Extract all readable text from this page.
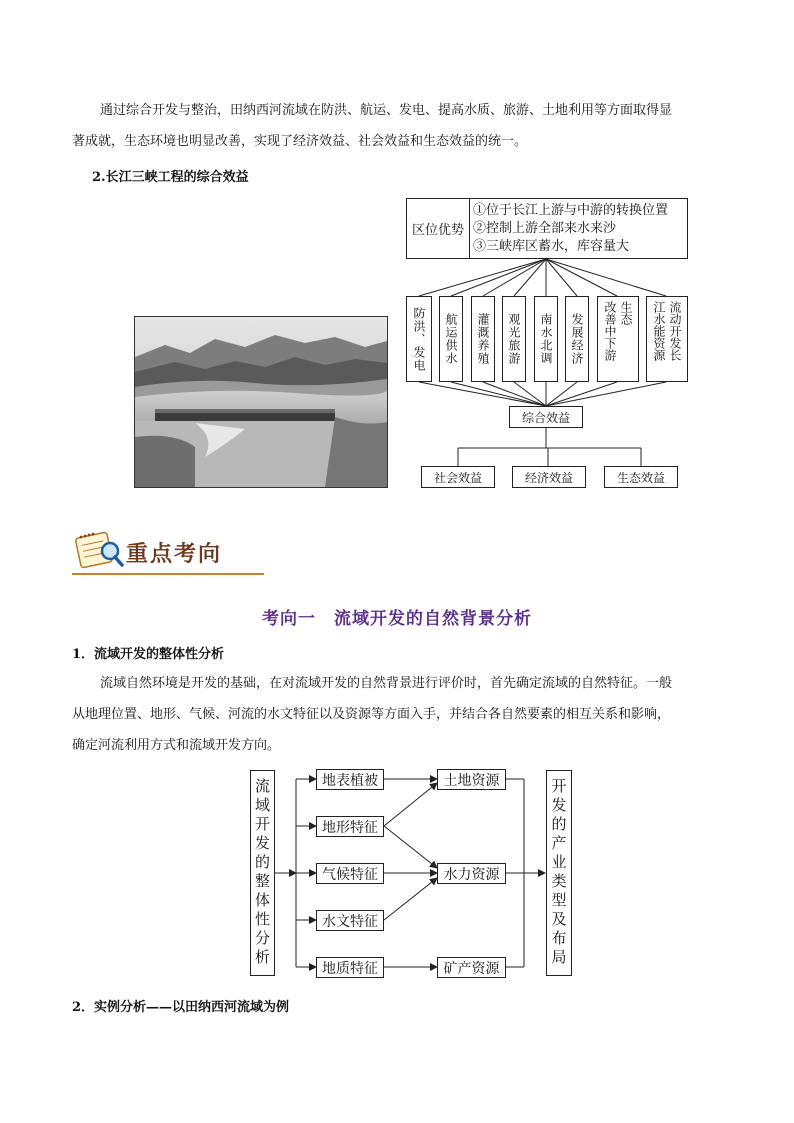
通过综合开发与整治，田纳西河流域在防洪、航运、发电、提高水质、旅游、土地利用等方面取得显
著成就，生态环境也明显改善，实现了经济效益、社会效益和生态效益的统一。
2.长江三峡工程的综合效益
区位优势
①位于长江上游与中游的转换位置
②控制上游全部来水来沙
③三峡库区蓄水，库容量大
防洪、发电	航运供水	灌溉养殖	观光旅游	南水北调	发展经济	生态
改善中下游	流动开发长
江水能资源
综合效益
社会效益	经济效益	生态效益
重点考向
考向一　流域开发的自然背景分析
1．流域开发的整体性分析
流域自然环境是开发的基础，在对流域开发的自然背景进行评价时，首先确定流域的自然特征。一般
从地理位置、地形、气候、河流的水文特征以及资源等方面入手，并结合各自然要素的相互关系和影响，
确定河流利用方式和流域开发方向。
流域开发的整体性分析	地表植被
地形特征
气候特征
水文特征
地质特征
土地资源
水力资源
矿产资源
开发的产业类型及布局
2．实例分析——以田纳西河流域为例
